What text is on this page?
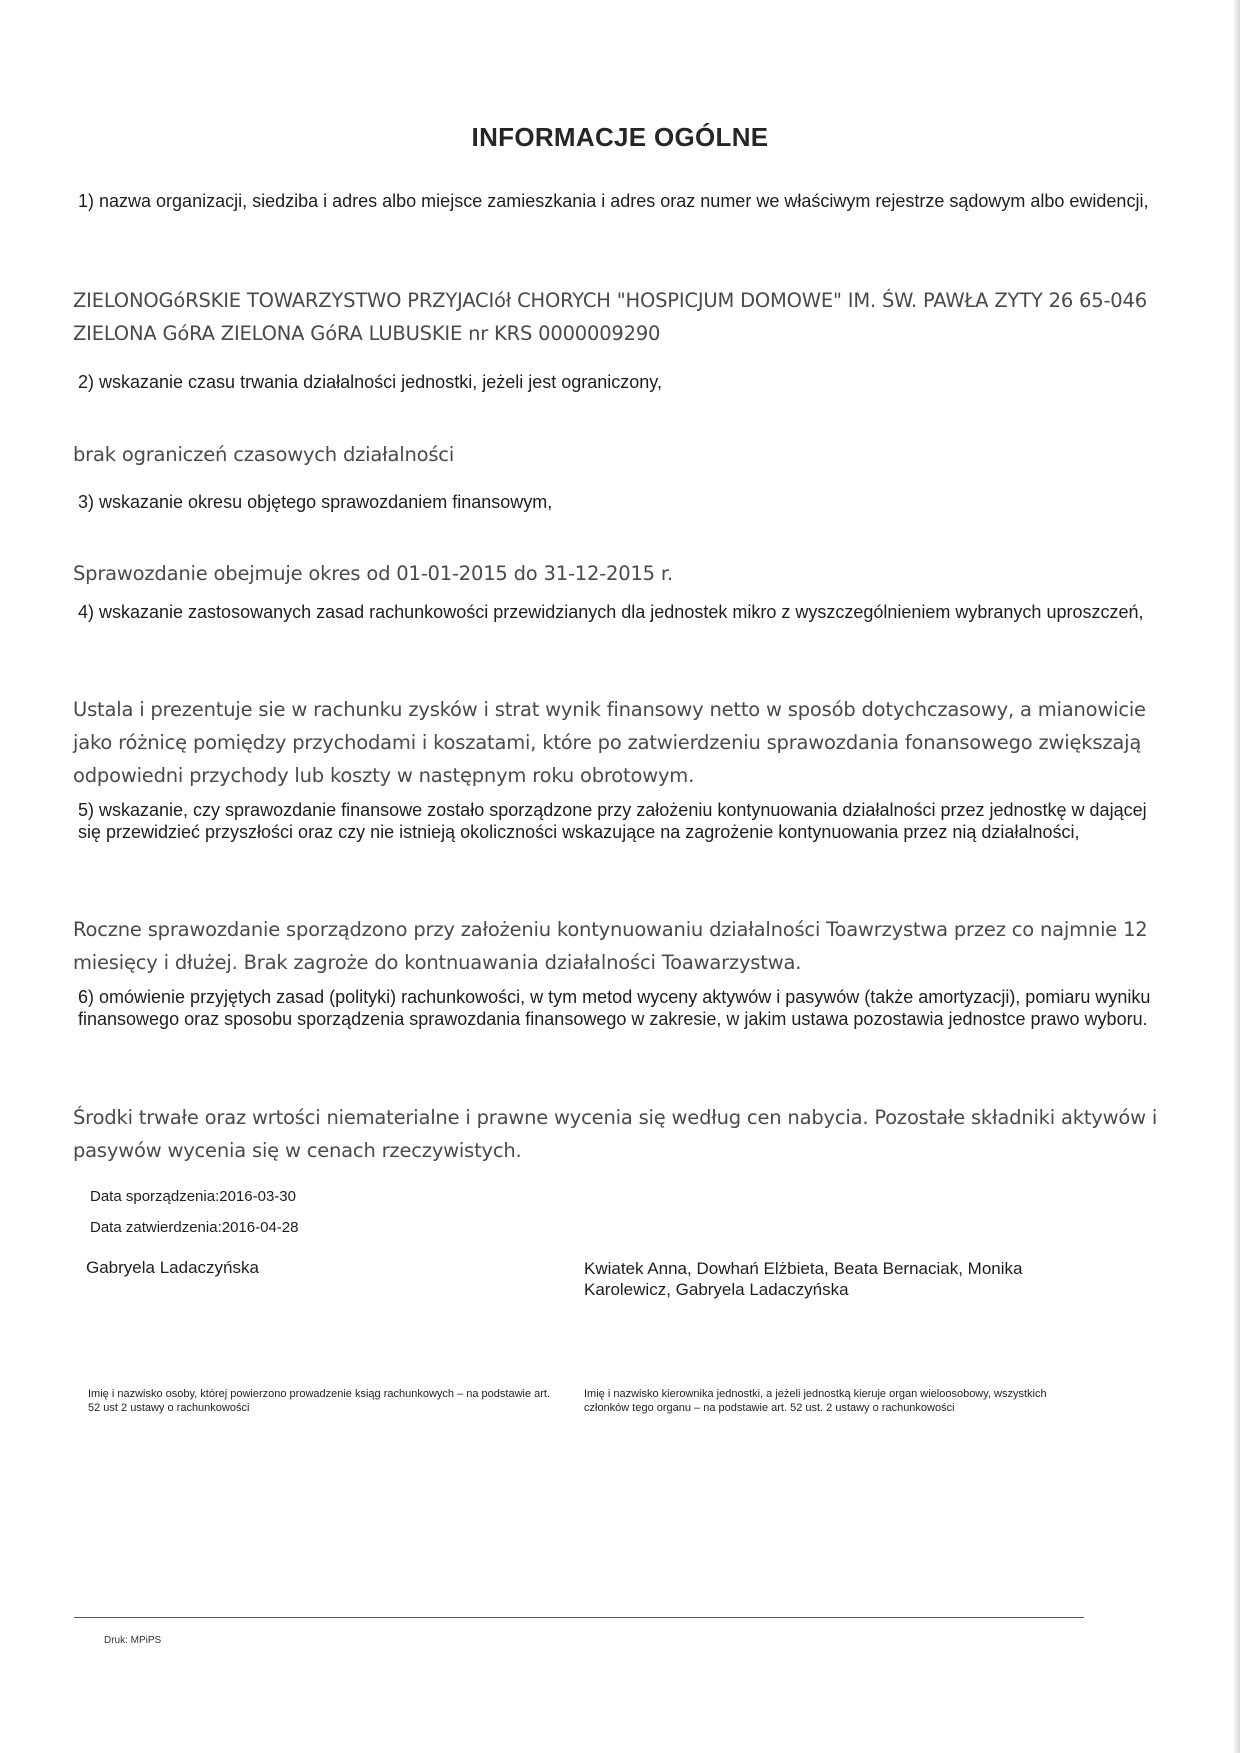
INFORMACJE OGÓLNE
1) nazwa organizacji, siedziba i adres albo miejsce zamieszkania i adres oraz numer we właściwym rejestrze sądowym albo ewidencji,
ZIELONOGóRSKIE TOWARZYSTWO PRZYJACIół CHORYCH "HOSPICJUM DOMOWE" IM. ŚW. PAWŁA ZYTY 26 65-046 ZIELONA GóRA ZIELONA GóRA LUBUSKIE nr KRS 0000009290
2) wskazanie czasu trwania działalności jednostki, jeżeli jest ograniczony,
brak ograniczeń czasowych działalności
3) wskazanie okresu objętego sprawozdaniem finansowym,
Sprawozdanie obejmuje okres od 01-01-2015 do 31-12-2015 r.
4) wskazanie zastosowanych zasad rachunkowości przewidzianych dla jednostek mikro z wyszczególnieniem wybranych uproszczeń,
Ustala i prezentuje sie w rachunku zysków i strat wynik finansowy netto w sposób dotychczasowy, a mianowicie jako różnicę pomiędzy przychodami i koszatami, które po zatwierdzeniu sprawozdania fonansowego zwiększają odpowiedni przychody lub koszty w następnym roku obrotowym.
5) wskazanie, czy sprawozdanie finansowe zostało sporządzone przy założeniu kontynuowania działalności przez jednostkę w dającej się przewidzieć przyszłości oraz czy nie istnieją okoliczności wskazujące na zagrożenie kontynuowania przez nią działalności,
Roczne sprawozdanie sporządzono przy założeniu kontynuowaniu działalności Toawrzystwa przez co najmnie 12 miesięcy i dłużej. Brak zagroże do kontnuawania działalności Toawarzystwa.
6) omówienie przyjętych zasad (polityki) rachunkowości, w tym metod wyceny aktywów i pasywów (także amortyzacji), pomiaru wyniku finansowego oraz sposobu sporządzenia sprawozdania finansowego w zakresie, w jakim ustawa pozostawia jednostce prawo wyboru.
Środki trwałe oraz wrtości niematerialne i prawne wycenia się według cen nabycia. Pozostałe składniki aktywów i pasywów wycenia się w cenach rzeczywistych.
Data sporządzenia:2016-03-30
Data zatwierdzenia:2016-04-28
Gabryela Ladaczyńska	Kwiatek Anna, Dowhań Elżbieta, Beata Bernaciak, Monika Karolewicz, Gabryela Ladaczyńska
Imię i nazwisko osoby, której powierzono prowadzenie ksiąg rachunkowych – na podstawie art. 52 ust 2 ustawy o rachunkowości
Imię i nazwisko kierownika jednostki, a jeżeli jednostką kieruje organ wieloosobowy, wszystkich członków tego organu – na podstawie art. 52 ust. 2 ustawy o rachunkowości
Druk: MPiPS
